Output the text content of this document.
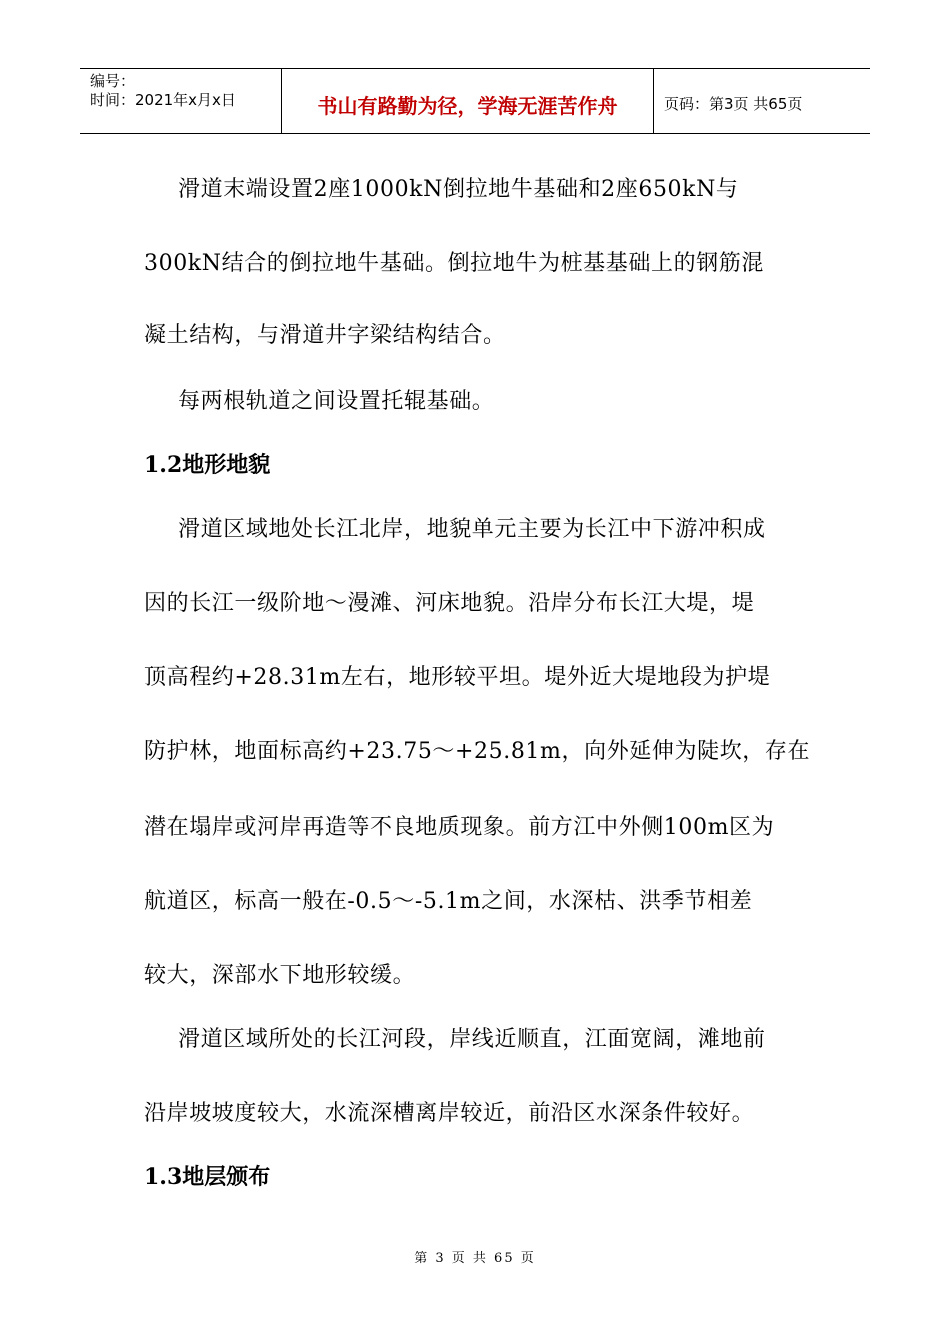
编号：
时间：2021年x月x日	书山有路勤为径，学海无涯苦作舟	页码：第3页 共65页
滑道末端设置2座1000kN倒拉地牛基础和2座650kN与
300kN结合的倒拉地牛基础。倒拉地牛为桩基基础上的钢筋混
凝土结构，与滑道井字梁结构结合。
每两根轨道之间设置托辊基础。
1.2地形地貌
滑道区域地处长江北岸，地貌单元主要为长江中下游冲积成
因的长江一级阶地～漫滩、河床地貌。沿岸分布长江大堤，堤
顶高程约+28.31m左右，地形较平坦。堤外近大堤地段为护堤
防护林，地面标高约+23.75～+25.81m，向外延伸为陡坎，存在
潜在塌岸或河岸再造等不良地质现象。前方江中外侧100m区为
航道区，标高一般在-0.5～-5.1m之间，水深枯、洪季节相差
较大，深部水下地形较缓。
滑道区域所处的长江河段，岸线近顺直，江面宽阔，滩地前
沿岸坡坡度较大，水流深槽离岸较近，前沿区水深条件较好。
1.3地层颁布
第 3 页 共 65 页
